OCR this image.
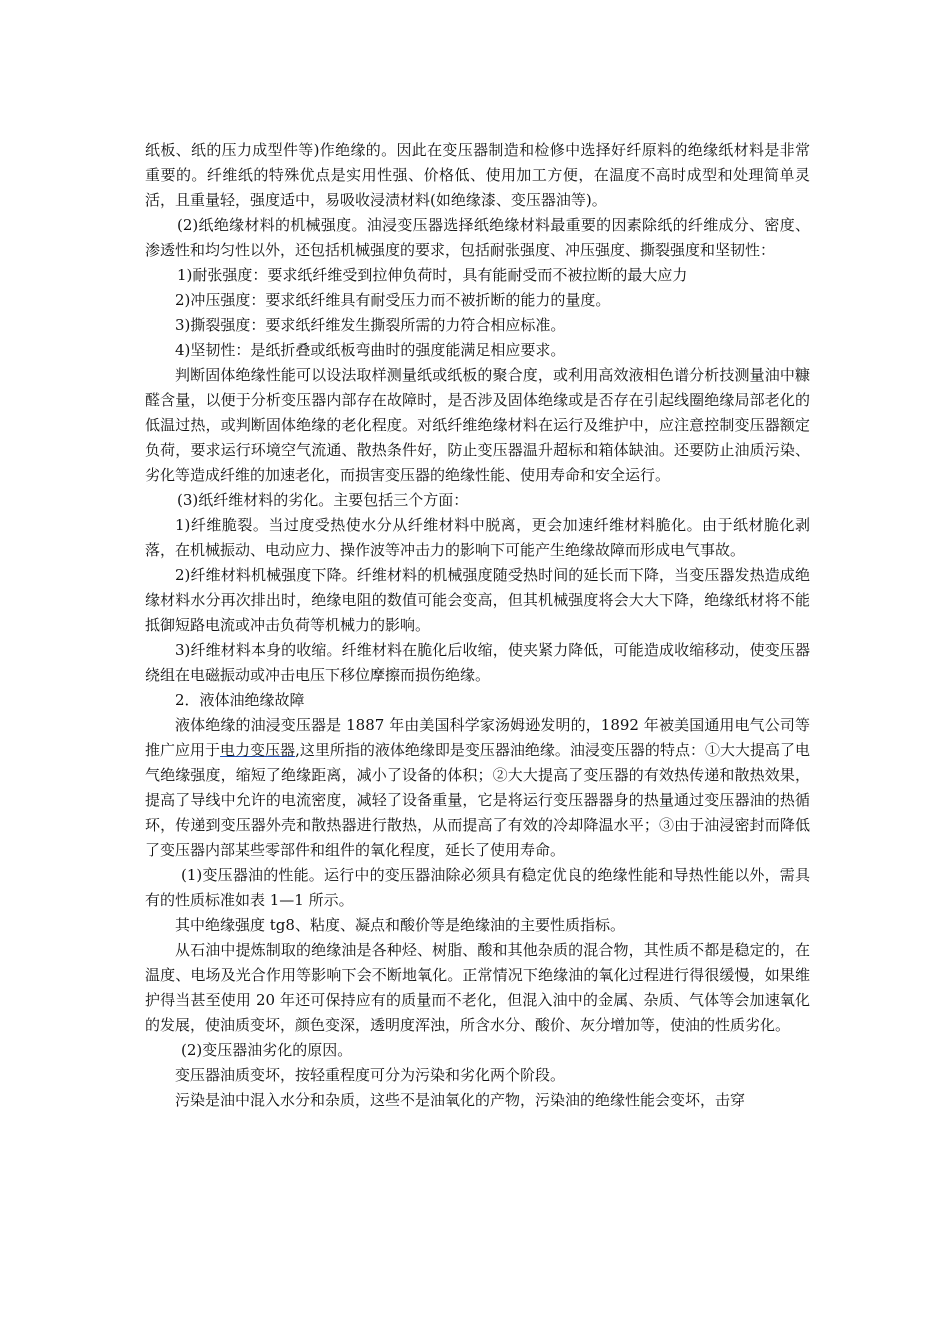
纸板、纸的压力成型件等)作绝缘的。因此在变压器制造和检修中选择好纤原料的绝缘纸材料是非常重要的。纤维纸的特殊优点是实用性强、价格低、使用加工方便，在温度不高时成型和处理简单灵活，且重量轻，强度适中，易吸收浸渍材料(如绝缘漆、变压器油等)。

(2)纸绝缘材料的机械强度。油浸变压器选择纸绝缘材料最重要的因素除纸的纤维成分、密度、渗透性和均匀性以外，还包括机械强度的要求，包括耐张强度、冲压强度、撕裂强度和坚韧性：

1)耐张强度：要求纸纤维受到拉伸负荷时，具有能耐受而不被拉断的最大应力

2)冲压强度：要求纸纤维具有耐受压力而不被折断的能力的量度。

3)撕裂强度：要求纸纤维发生撕裂所需的力符合相应标准。

4)坚韧性：是纸折叠或纸板弯曲时的强度能满足相应要求。

判断固体绝缘性能可以设法取样测量纸或纸板的聚合度，或利用高效液相色谱分析技测量油中糠醛含量，以便于分析变压器内部存在故障时，是否涉及固体绝缘或是否存在引起线圈绝缘局部老化的低温过热，或判断固体绝缘的老化程度。对纸纤维绝缘材料在运行及维护中，应注意控制变压器额定负荷，要求运行环境空气流通、散热条件好，防止变压器温升超标和箱体缺油。还要防止油质污染、劣化等造成纤维的加速老化，而损害变压器的绝缘性能、使用寿命和安全运行。

(3)纸纤维材料的劣化。主要包括三个方面：

1)纤维脆裂。当过度受热使水分从纤维材料中脱离，更会加速纤维材料脆化。由于纸材脆化剥落，在机械振动、电动应力、操作波等冲击力的影响下可能产生绝缘故障而形成电气事故。

2)纤维材料机械强度下降。纤维材料的机械强度随受热时间的延长而下降，当变压器发热造成绝缘材料水分再次排出时，绝缘电阻的数值可能会变高，但其机械强度将会大大下降，绝缘纸材将不能抵御短路电流或冲击负荷等机械力的影响。

3)纤维材料本身的收缩。纤维材料在脆化后收缩，使夹紧力降低，可能造成收缩移动，使变压器绕组在电磁振动或冲击电压下移位摩擦而损伤绝缘。

2．液体油绝缘故障

液体绝缘的油浸变压器是 1887 年由美国科学家汤姆逊发明的，1892 年被美国通用电气公司等推广应用于电力变压器,这里所指的液体绝缘即是变压器油绝缘。油浸变压器的特点：①大大提高了电气绝缘强度，缩短了绝缘距离，减小了设备的体积；②大大提高了变压器的有效热传递和散热效果，提高了导线中允许的电流密度，减轻了设备重量，它是将运行变压器器身的热量通过变压器油的热循环，传递到变压器外壳和散热器进行散热，从而提高了有效的冷却降温水平；③由于油浸密封而降低了变压器内部某些零部件和组件的氧化程度，延长了使用寿命。

(1)变压器油的性能。运行中的变压器油除必须具有稳定优良的绝缘性能和导热性能以外，需具有的性质标准如表 1—1 所示。

其中绝缘强度 tg8、粘度、凝点和酸价等是绝缘油的主要性质指标。

从石油中提炼制取的绝缘油是各种烃、树脂、酸和其他杂质的混合物，其性质不都是稳定的，在温度、电场及光合作用等影响下会不断地氧化。正常情况下绝缘油的氧化过程进行得很缓慢，如果维护得当甚至使用 20 年还可保持应有的质量而不老化，但混入油中的金属、杂质、气体等会加速氧化的发展，使油质变坏，颜色变深，透明度浑浊，所含水分、酸价、灰分增加等，使油的性质劣化。

(2)变压器油劣化的原因。

变压器油质变坏，按轻重程度可分为污染和劣化两个阶段。

污染是油中混入水分和杂质，这些不是油氧化的产物，污染油的绝缘性能会变坏，击穿
